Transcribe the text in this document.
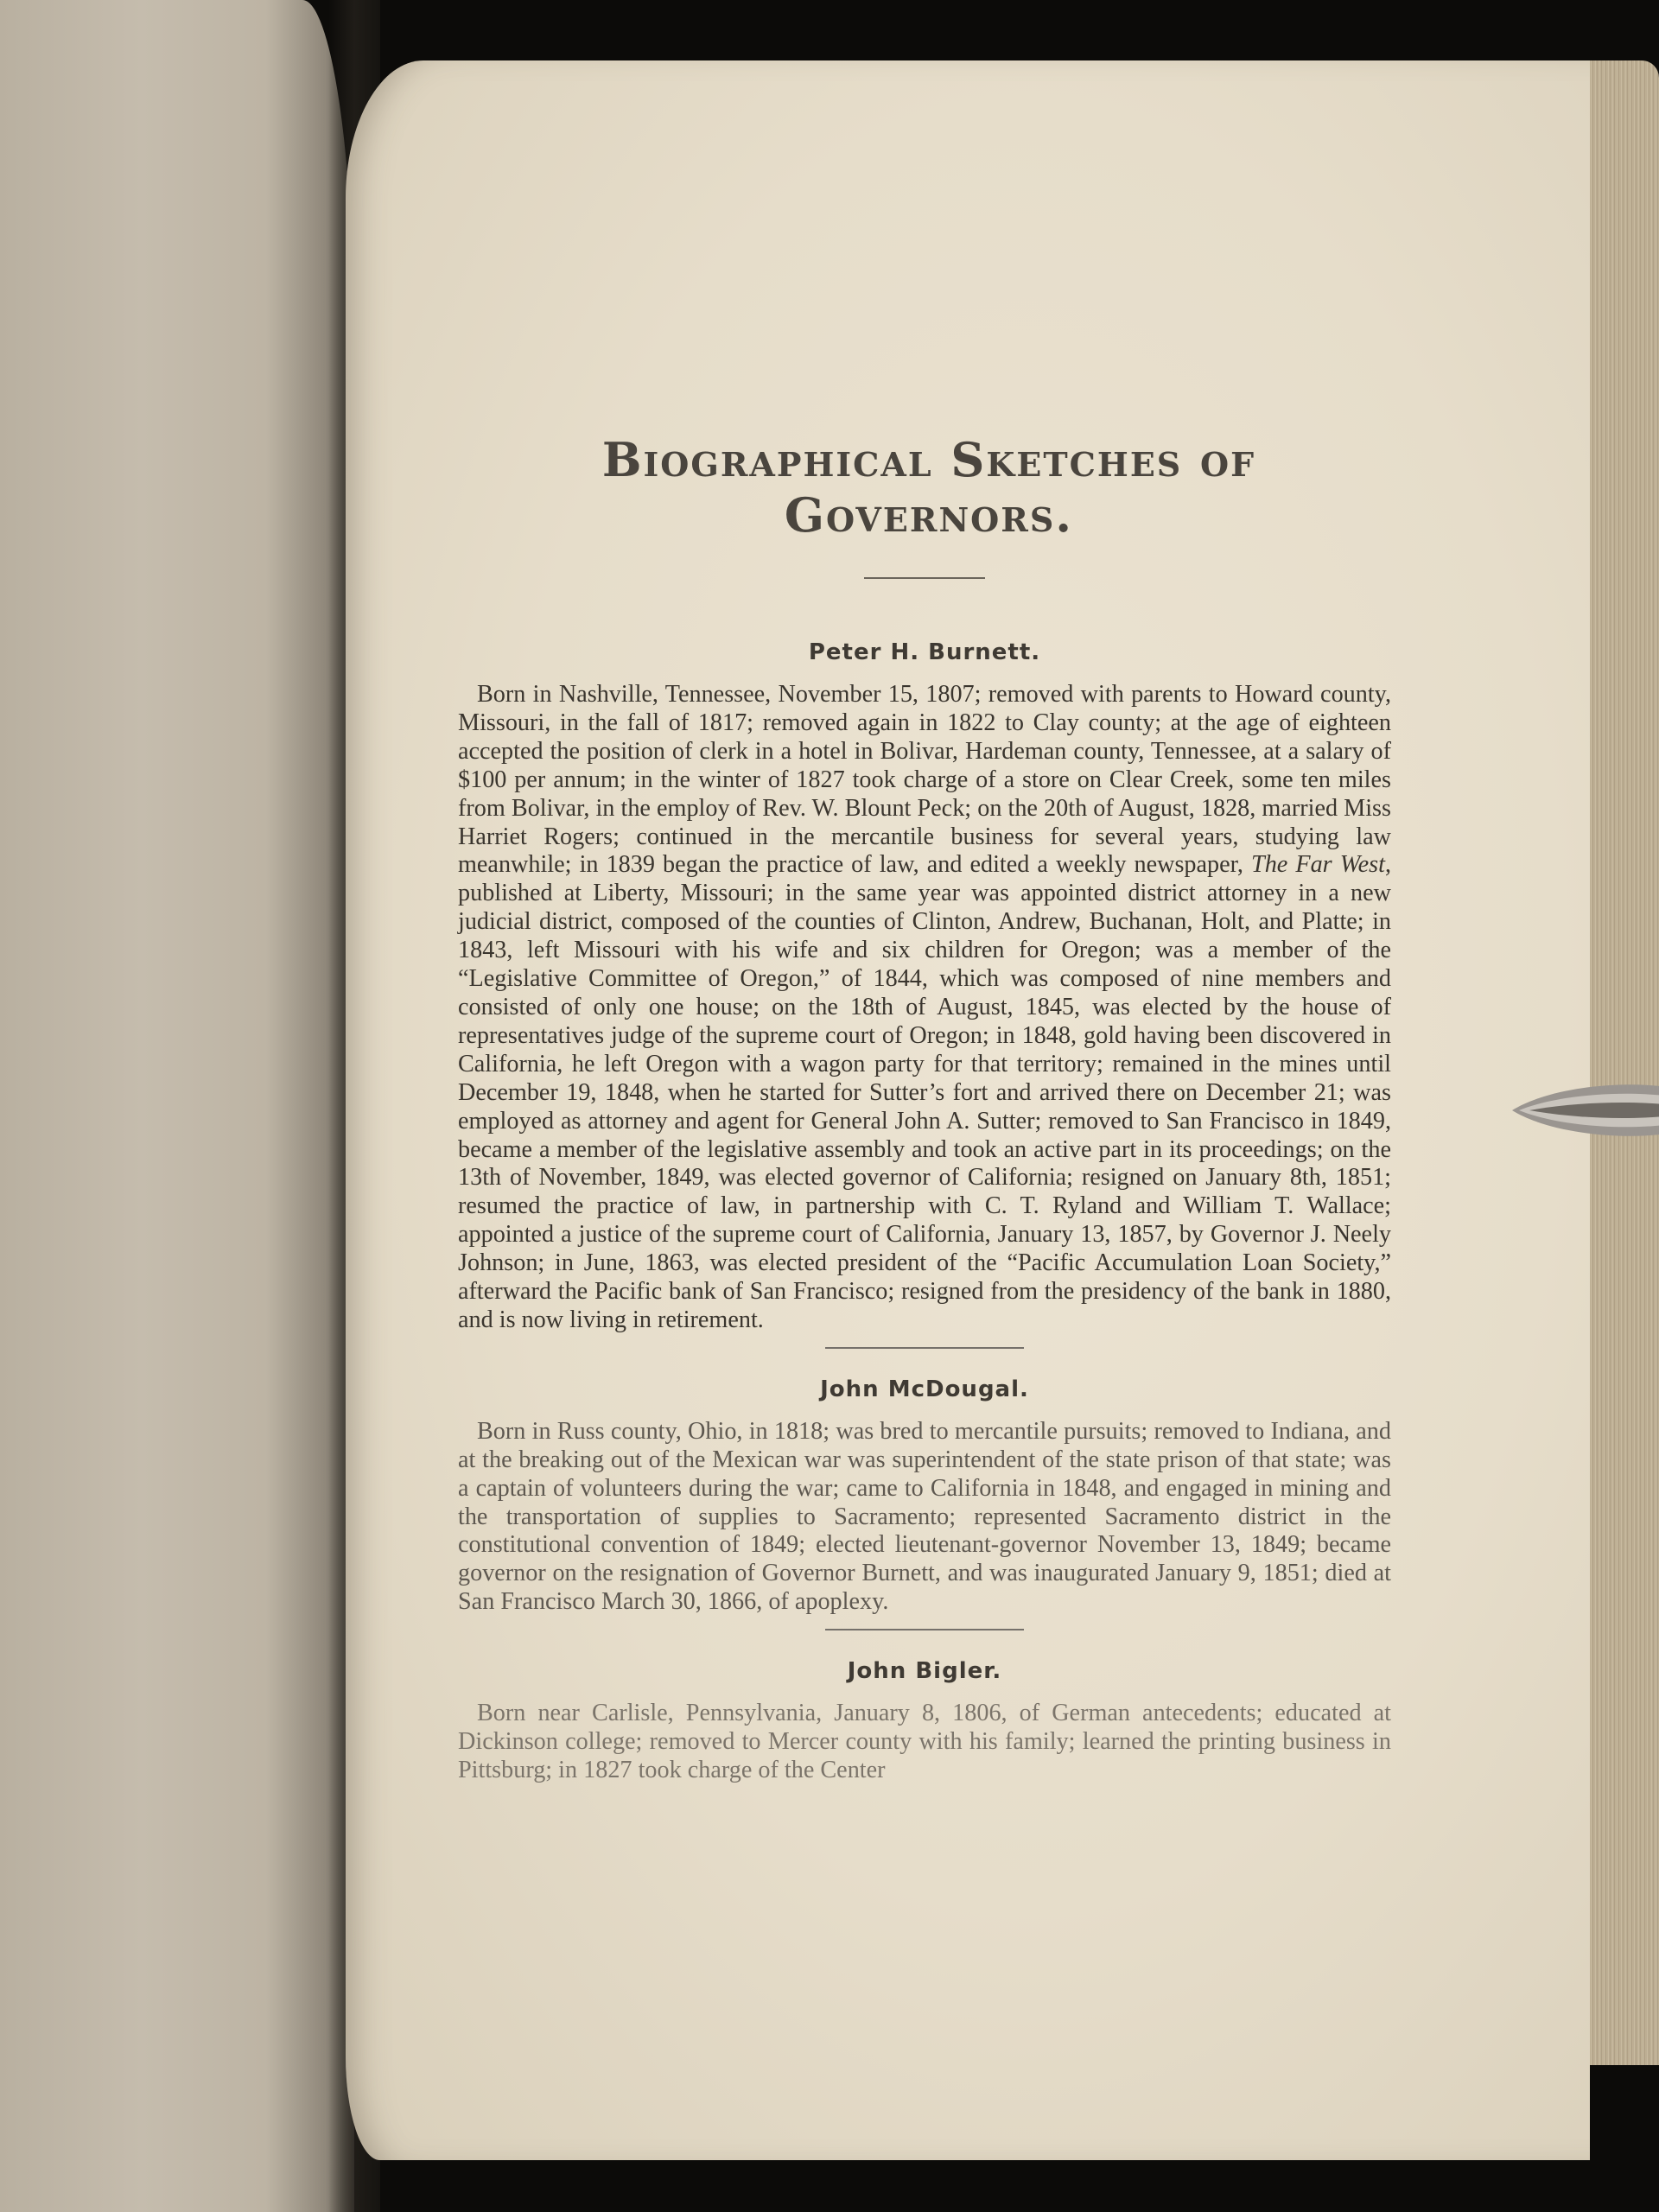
Biographical Sketches of Governors.
Peter H. Burnett.

Born in Nashville, Tennessee, November 15, 1807; removed with parents to Howard county, Missouri, in the fall of 1817; removed again in 1822 to Clay county; at the age of eighteen accepted the position of clerk in a hotel in Bolivar, Hardeman county, Tennessee, at a salary of $100 per annum; in the winter of 1827 took charge of a store on Clear Creek, some ten miles from Bolivar, in the employ of Rev. W. Blount Peck; on the 20th of August, 1828, married Miss Harriet Rogers; continued in the mercantile business for several years, studying law meanwhile; in 1839 began the practice of law, and edited a weekly newspaper, The Far West, published at Liberty, Missouri; in the same year was appointed district attorney in a new judicial district, composed of the counties of Clinton, Andrew, Buchanan, Holt, and Platte; in 1843, left Missouri with his wife and six children for Oregon; was a member of the “Legislative Committee of Oregon,” of 1844, which was composed of nine members and consisted of only one house; on the 18th of August, 1845, was elected by the house of representatives judge of the supreme court of Oregon; in 1848, gold having been discovered in California, he left Oregon with a wagon party for that territory; remained in the mines until December 19, 1848, when he started for Sutter’s fort and arrived there on December 21; was employed as attorney and agent for General John A. Sutter; removed to San Francisco in 1849, became a member of the legislative assembly and took an active part in its proceedings; on the 13th of November, 1849, was elected governor of California; resigned on January 8th, 1851; resumed the practice of law, in partnership with C. T. Ryland and William T. Wallace; appointed a justice of the supreme court of California, January 13, 1857, by Governor J. Neely Johnson; in June, 1863, was elected president of the “Pacific Accumulation Loan Society,” afterward the Pacific bank of San Francisco; resigned from the presidency of the bank in 1880, and is now living in retirement.

John McDougal.

Born in Russ county, Ohio, in 1818; was bred to mercantile pursuits; removed to Indiana, and at the breaking out of the Mexican war was superintendent of the state prison of that state; was a captain of volunteers during the war; came to California in 1848, and engaged in mining and the transportation of supplies to Sacramento; represented Sacramento district in the constitutional convention of 1849; elected lieutenant-governor November 13, 1849; became governor on the resignation of Governor Burnett, and was inaugurated January 9, 1851; died at San Francisco March 30, 1866, of apoplexy.

John Bigler.

Born near Carlisle, Pennsylvania, January 8, 1806, of German antecedents; educated at Dickinson college; removed to Mercer county with his family; learned the printing business in Pittsburg; in 1827 took charge of the Center
